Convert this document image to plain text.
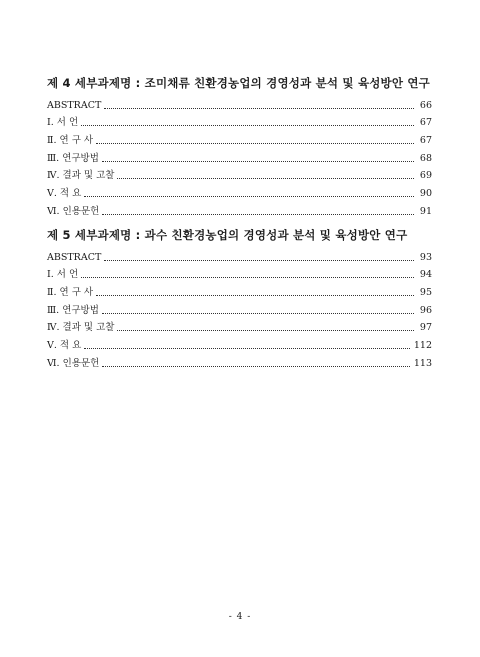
제 4 세부과제명 : 조미채류 친환경농업의 경영성과 분석 및 육성방안 연구
ABSTRACT	66
Ⅰ. 서 언	67
Ⅱ. 연 구 사	67
Ⅲ. 연구방법	68
Ⅳ. 결과 및 고찰	69
Ⅴ. 적 요	90
Ⅵ. 인용문헌	91
제 5 세부과제명 : 과수 친환경농업의 경영성과 분석 및 육성방안 연구
ABSTRACT	93
Ⅰ. 서 언	94
Ⅱ. 연 구 사	95
Ⅲ. 연구방법	96
Ⅳ. 결과 및 고찰	97
Ⅴ. 적 요	112
Ⅵ. 인용문헌	113
- 4 -
